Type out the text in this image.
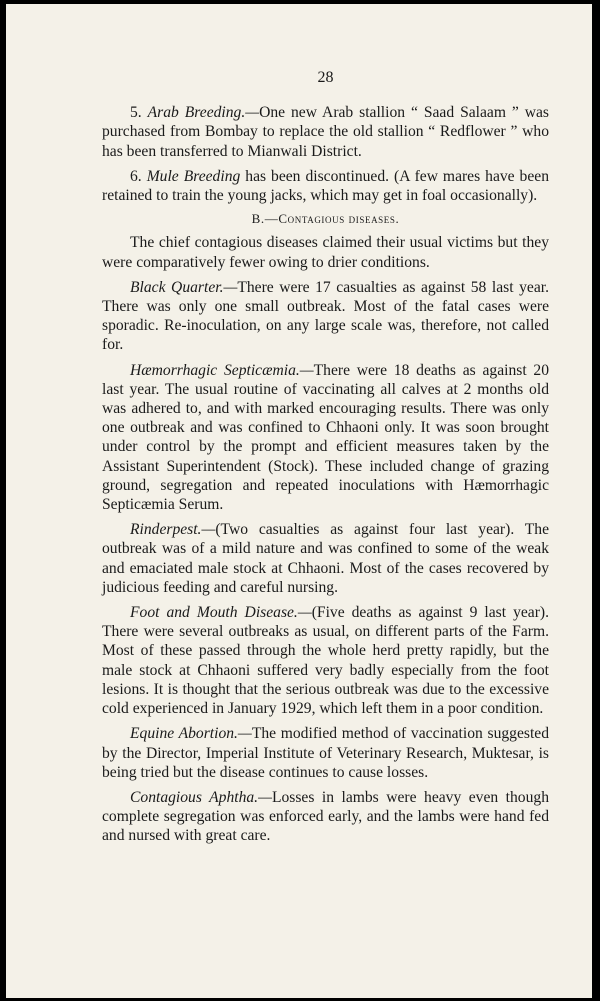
28

5. Arab Breeding.—One new Arab stallion “ Saad Salaam ” was purchased from Bombay to replace the old stallion “ Redflower ” who has been transferred to Mianwali District.

6. Mule Breeding has been discontinued. (A few mares have been retained to train the young jacks, which may get in foal occasionally).

B.—Contagious diseases.

The chief contagious diseases claimed their usual victims but they were comparatively fewer owing to drier conditions.

Black Quarter.—There were 17 casualties as against 58 last year. There was only one small outbreak. Most of the fatal cases were sporadic. Re-inoculation, on any large scale was, therefore, not called for.

Hæmorrhagic Septicæmia.—There were 18 deaths as against 20 last year. The usual routine of vaccinating all calves at 2 months old was adhered to, and with marked encouraging results. There was only one outbreak and was confined to Chhaoni only. It was soon brought under control by the prompt and efficient measures taken by the Assistant Superintendent (Stock). These included change of grazing ground, segregation and repeated inoculations with Hæmorrhagic Septicæmia Serum.

Rinderpest.—(Two casualties as against four last year). The outbreak was of a mild nature and was confined to some of the weak and emaciated male stock at Chhaoni. Most of the cases recovered by judicious feeding and careful nursing.

Foot and Mouth Disease.—(Five deaths as against 9 last year). There were several outbreaks as usual, on different parts of the Farm. Most of these passed through the whole herd pretty rapidly, but the male stock at Chhaoni suffered very badly especially from the foot lesions. It is thought that the serious outbreak was due to the excessive cold experienced in January 1929, which left them in a poor condition.

Equine Abortion.—The modified method of vaccination suggested by the Director, Imperial Institute of Veterinary Research, Muktesar, is being tried but the disease continues to cause losses.

Contagious Aphtha.—Losses in lambs were heavy even though complete segregation was enforced early, and the lambs were hand fed and nursed with great care.
